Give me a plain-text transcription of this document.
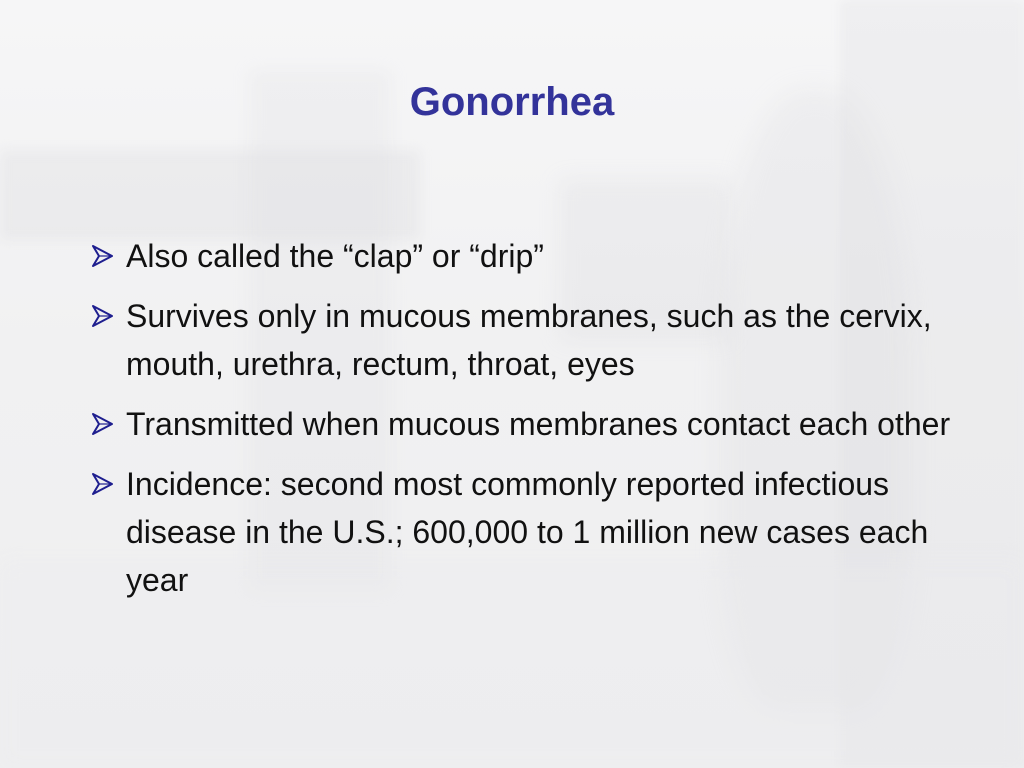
Gonorrhea
Also called the “clap” or “drip”
Survives only in mucous membranes, such as the cervix, mouth, urethra, rectum, throat, eyes
Transmitted when mucous membranes contact each other
Incidence: second most commonly reported infectious disease in the U.S.; 600,000 to 1 million new cases each year
